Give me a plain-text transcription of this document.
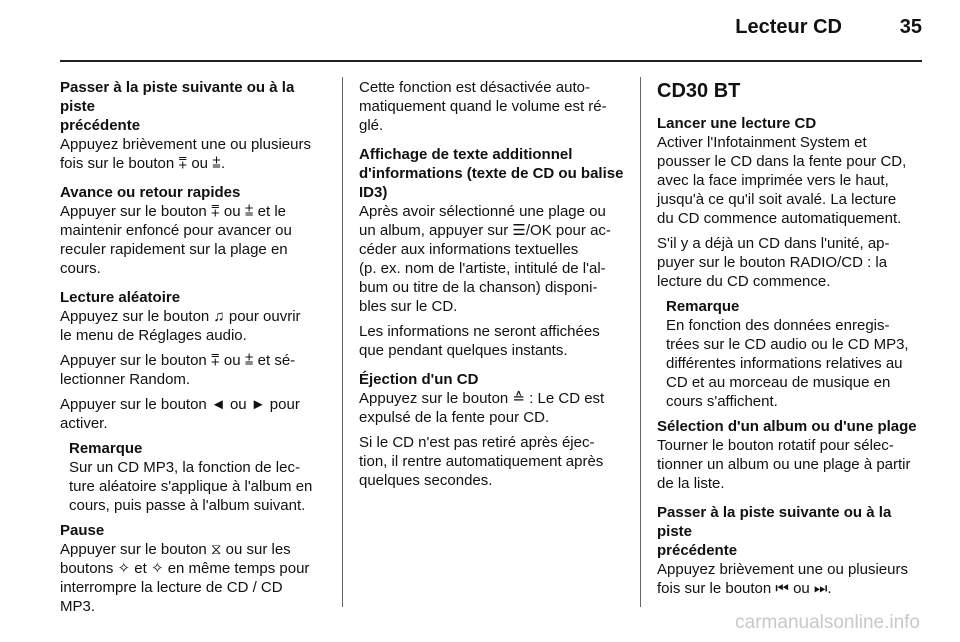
Lecteur CD	35
Passer à la piste suivante ou à la piste
précédente
Appuyez brièvement une ou plusieurs
fois sur le bouton ⩱ ou ⩲.
Avance ou retour rapides
Appuyer sur le bouton ⩱ ou ⩲ et le
maintenir enfoncé pour avancer ou
reculer rapidement sur la plage en
cours.
Lecture aléatoire
Appuyez sur le bouton ♫ pour ouvrir
le menu de Réglages audio.
Appuyer sur le bouton ⩱ ou ⩲ et sé-
lectionner Random.
Appuyer sur le bouton ◄ ou ► pour
activer.
Remarque
Sur un CD MP3, la fonction de lec-
ture aléatoire s'applique à l'album en
cours, puis passe à l'album suivant.
Pause
Appuyer sur le bouton ⧖ ou sur les
boutons ✧ et ✧ en même temps pour
interrompre la lecture de CD / CD
MP3.
Cette fonction est désactivée auto-
matiquement quand le volume est ré-
glé.
Affichage de texte additionnel
d'informations (texte de CD ou balise
ID3)
Après avoir sélectionné une plage ou
un album, appuyer sur ☰/OK pour ac-
céder aux informations textuelles
(p. ex. nom de l'artiste, intitulé de l'al-
bum ou titre de la chanson) disponi-
bles sur le CD.
Les informations ne seront affichées
que pendant quelques instants.
Éjection d'un CD
Appuyez sur le bouton ≙ : Le CD est
expulsé de la fente pour CD.
Si le CD n'est pas retiré après éjec-
tion, il rentre automatiquement après
quelques secondes.
CD30 BT
Lancer une lecture CD
Activer l'Infotainment System et
pousser le CD dans la fente pour CD,
avec la face imprimée vers le haut,
jusqu'à ce qu'il soit avalé. La lecture
du CD commence automatiquement.
S'il y a déjà un CD dans l'unité, ap-
puyer sur le bouton RADIO/CD : la
lecture du CD commence.
Remarque
En fonction des données enregis-
trées sur le CD audio ou le CD MP3,
différentes informations relatives au
CD et au morceau de musique en
cours s'affichent.
Sélection d'un album ou d'une plage
Tourner le bouton rotatif pour sélec-
tionner un album ou une plage à partir
de la liste.
Passer à la piste suivante ou à la piste
précédente
Appuyez brièvement une ou plusieurs
fois sur le bouton ⏮ ou ⏭.
carmanualsonline.info
